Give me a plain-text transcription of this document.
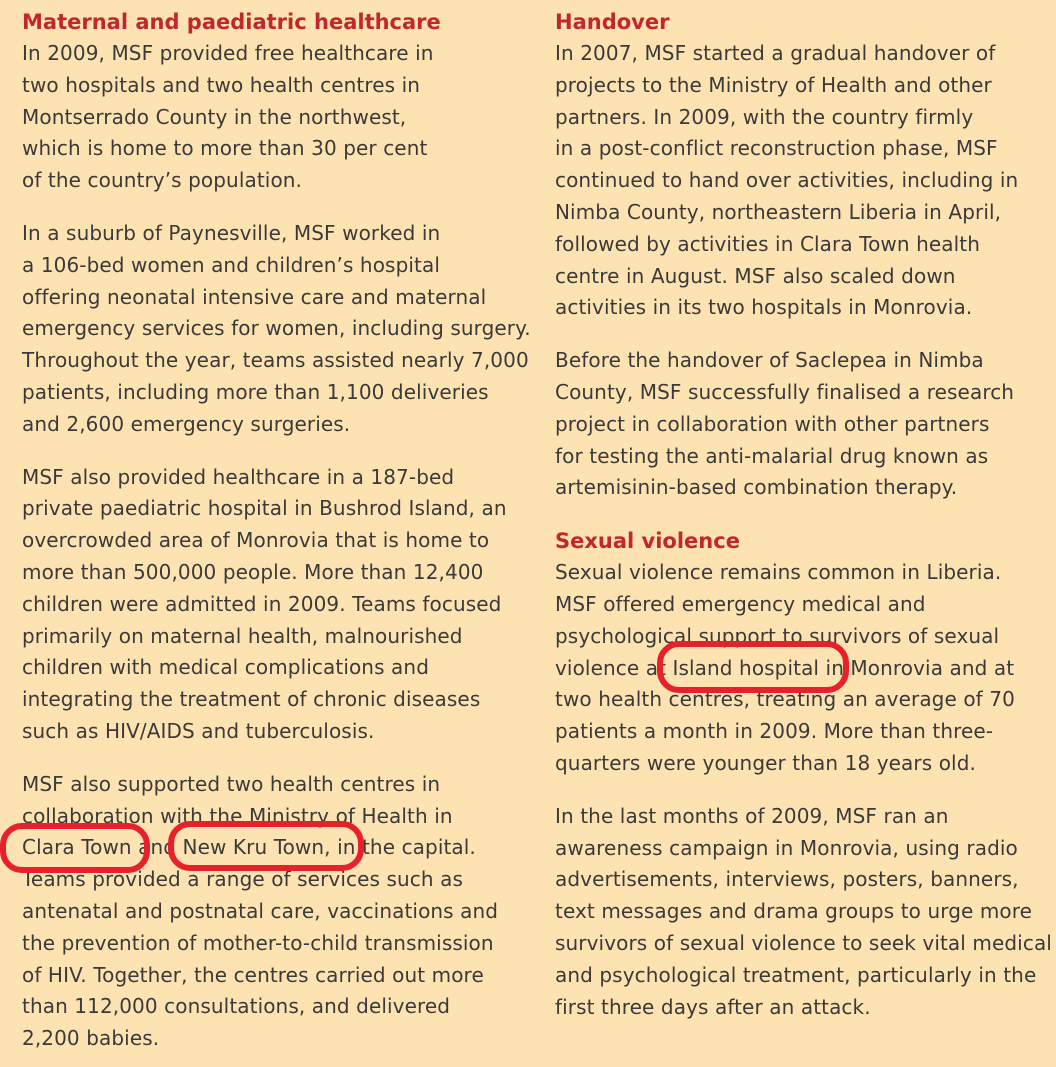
Maternal and paediatric healthcare
In 2009, MSF provided free healthcare in
two hospitals and two health centres in
Montserrado County in the northwest,
which is home to more than 30 per cent
of the country’s population.
In a suburb of Paynesville, MSF worked in
a 106-bed women and children’s hospital
offering neonatal intensive care and maternal
emergency services for women, including surgery.
Throughout the year, teams assisted nearly 7,000
patients, including more than 1,100 deliveries
and 2,600 emergency surgeries.
MSF also provided healthcare in a 187-bed
private paediatric hospital in Bushrod Island, an
overcrowded area of Monrovia that is home to
more than 500,000 people. More than 12,400
children were admitted in 2009. Teams focused
primarily on maternal health, malnourished
children with medical complications and
integrating the treatment of chronic diseases
such as HIV/AIDS and tuberculosis.
MSF also supported two health centres in
collaboration with the Ministry of Health in
Clara Town and New Kru Town, in the capital.
Teams provided a range of services such as
antenatal and postnatal care, vaccinations and
the prevention of mother-to-child transmission
of HIV. Together, the centres carried out more
than 112,000 consultations, and delivered
2,200 babies.
Handover
In 2007, MSF started a gradual handover of
projects to the Ministry of Health and other
partners. In 2009, with the country firmly
in a post-conflict reconstruction phase, MSF
continued to hand over activities, including in
Nimba County, northeastern Liberia in April,
followed by activities in Clara Town health
centre in August. MSF also scaled down
activities in its two hospitals in Monrovia.
Before the handover of Saclepea in Nimba
County, MSF successfully finalised a research
project in collaboration with other partners
for testing the anti-malarial drug known as
artemisinin-based combination therapy.
Sexual violence
Sexual violence remains common in Liberia.
MSF offered emergency medical and
psychological support to survivors of sexual
violence at Island hospital in Monrovia and at
two health centres, treating an average of 70
patients a month in 2009. More than three-
quarters were younger than 18 years old.
In the last months of 2009, MSF ran an
awareness campaign in Monrovia, using radio
advertisements, interviews, posters, banners,
text messages and drama groups to urge more
survivors of sexual violence to seek vital medical
and psychological treatment, particularly in the
first three days after an attack.
